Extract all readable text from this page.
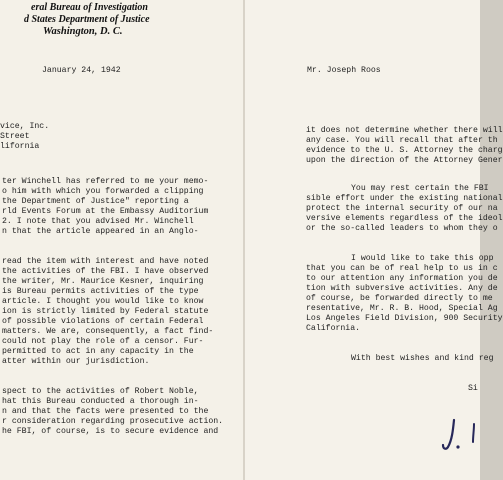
eral Bureau of Investigation
d States Department of Justice
Washington, D. C.
January 24, 1942
vice, Inc.
Street
lifornia
ter Winchell has referred to me your memo-
o him with which you forwarded a clipping
the Department of Justice" reporting a
rld Events Forum at the Embassy Auditorium
2. I note that you advised Mr. Winchell
n that the article appeared in an Anglo-
read the item with interest and have noted
the activities of the FBI. I have observed
the writer, Mr. Maurice Kesner, inquiring
is Bureau permits activities of the type
article. I thought you would like to know
ion is strictly limited by Federal statute
of possible violations of certain Federal
matters. We are, consequently, a fact find-
could not play the role of a censor. Fur-
permitted to act in any capacity in the
atter within our jurisdiction.
spect to the activities of Robert Noble,
hat this Bureau conducted a thorough in-
n and that the facts were presented to the
r consideration regarding prosecutive action.
he FBI, of course, is to secure evidence and
Mr. Joseph Roos
it does not determine whether there will
any case. You will recall that after th
evidence to the U. S. Attorney the charg
upon the direction of the Attorney Gener
You may rest certain the FBI
sible effort under the existing national
protect the internal security of our na
versive elements regardless of the ideol
or the so-called leaders to whom they o
I would like to take this opp
that you can be of real help to us in c
to our attention any information you de
tion with subversive activities. Any de
of course, be forwarded directly to me
resentative, Mr. R. B. Hood, Special Ag
Los Angeles Field Division, 900 Security
California.
With best wishes and kind reg
Si
